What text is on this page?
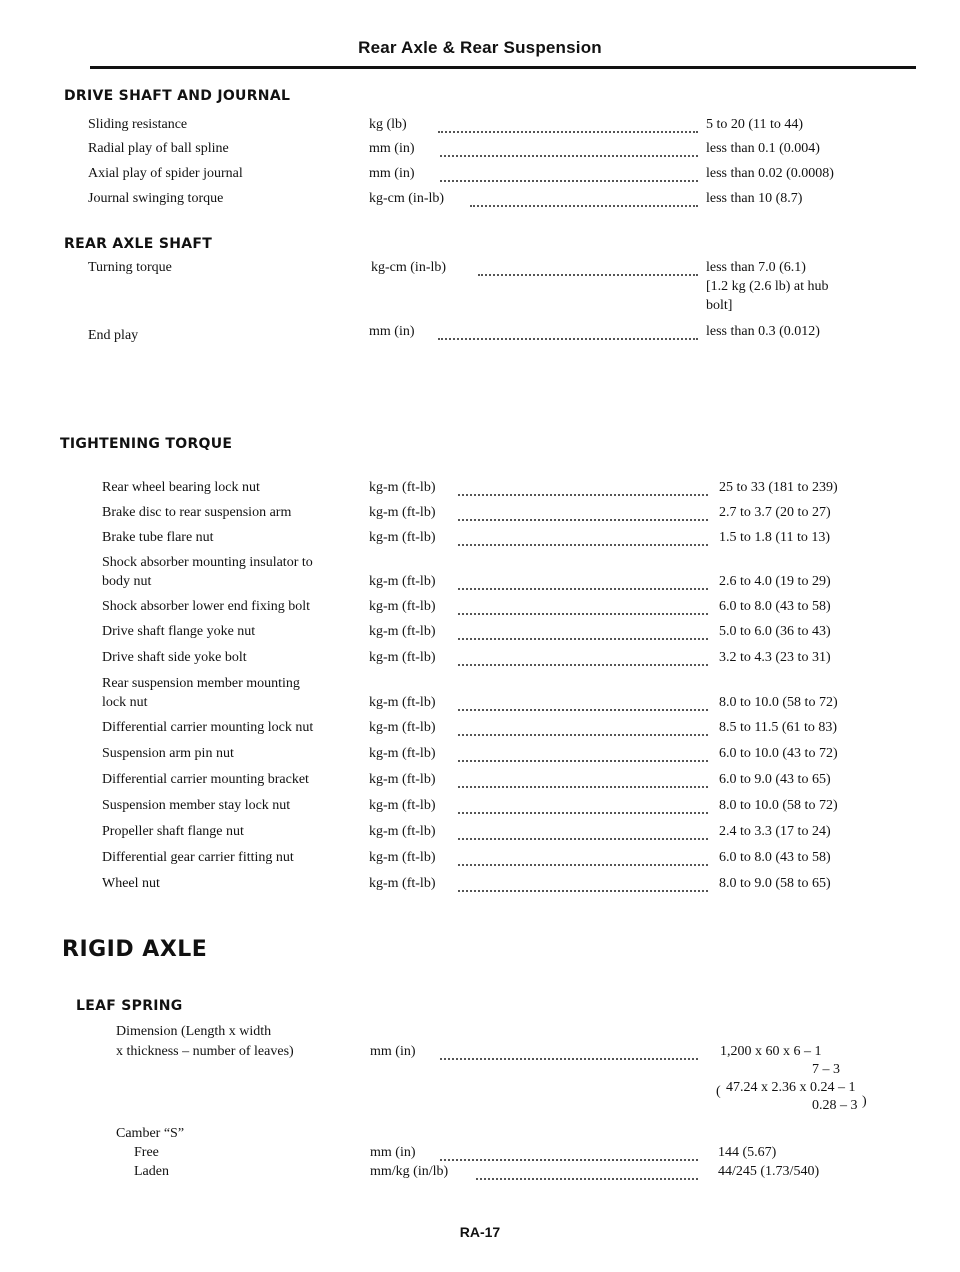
Rear Axle & Rear Suspension
DRIVE SHAFT AND JOURNAL
Sliding resistance	kg (lb)	5 to 20 (11 to 44)
Radial play of ball spline	mm (in)	less than 0.1 (0.004)
Axial play of spider journal	mm (in)	less than 0.02 (0.0008)
Journal swinging torque	kg-cm (in-lb)	less than 10 (8.7)
REAR AXLE SHAFT
Turning torque	kg-cm (in-lb)	less than 7.0 (6.1)
[1.2 kg (2.6 lb) at hub
bolt]
End play	mm (in)	less than 0.3 (0.012)
TIGHTENING TORQUE
Rear wheel bearing lock nut	kg-m (ft-lb)	25 to 33 (181 to 239)
Brake disc to rear suspension arm	kg-m (ft-lb)	2.7 to 3.7 (20 to 27)
Brake tube flare nut	kg-m (ft-lb)	1.5 to 1.8 (11 to 13)
Shock absorber mounting insulator to
body nut	kg-m (ft-lb)	2.6 to 4.0 (19 to 29)
Shock absorber lower end fixing bolt	kg-m (ft-lb)	6.0 to 8.0 (43 to 58)
Drive shaft flange yoke nut	kg-m (ft-lb)	5.0 to 6.0 (36 to 43)
Drive shaft side yoke bolt	kg-m (ft-lb)	3.2 to 4.3 (23 to 31)
Rear suspension member mounting
lock nut	kg-m (ft-lb)	8.0 to 10.0 (58 to 72)
Differential carrier mounting lock nut	kg-m (ft-lb)	8.5 to 11.5 (61 to 83)
Suspension arm pin nut	kg-m (ft-lb)	6.0 to 10.0 (43 to 72)
Differential carrier mounting bracket	kg-m (ft-lb)	6.0 to 9.0 (43 to 65)
Suspension member stay lock nut	kg-m (ft-lb)	8.0 to 10.0 (58 to 72)
Propeller shaft flange nut	kg-m (ft-lb)	2.4 to 3.3 (17 to 24)
Differential gear carrier fitting nut	kg-m (ft-lb)	6.0 to 8.0 (43 to 58)
Wheel nut	kg-m (ft-lb)	8.0 to 9.0 (58 to 65)
RIGID AXLE
LEAF SPRING
Dimension (Length x width
x thickness – number of leaves)	mm (in)	1,200 x 60 x 6 – 1
7 – 3
( 47.24 x 2.36 x 0.24 – 1
0.28 – 3 )
Camber “S”
Free	mm (in)	144 (5.67)
Laden	mm/kg (in/lb)	44/245 (1.73/540)
RA-17
